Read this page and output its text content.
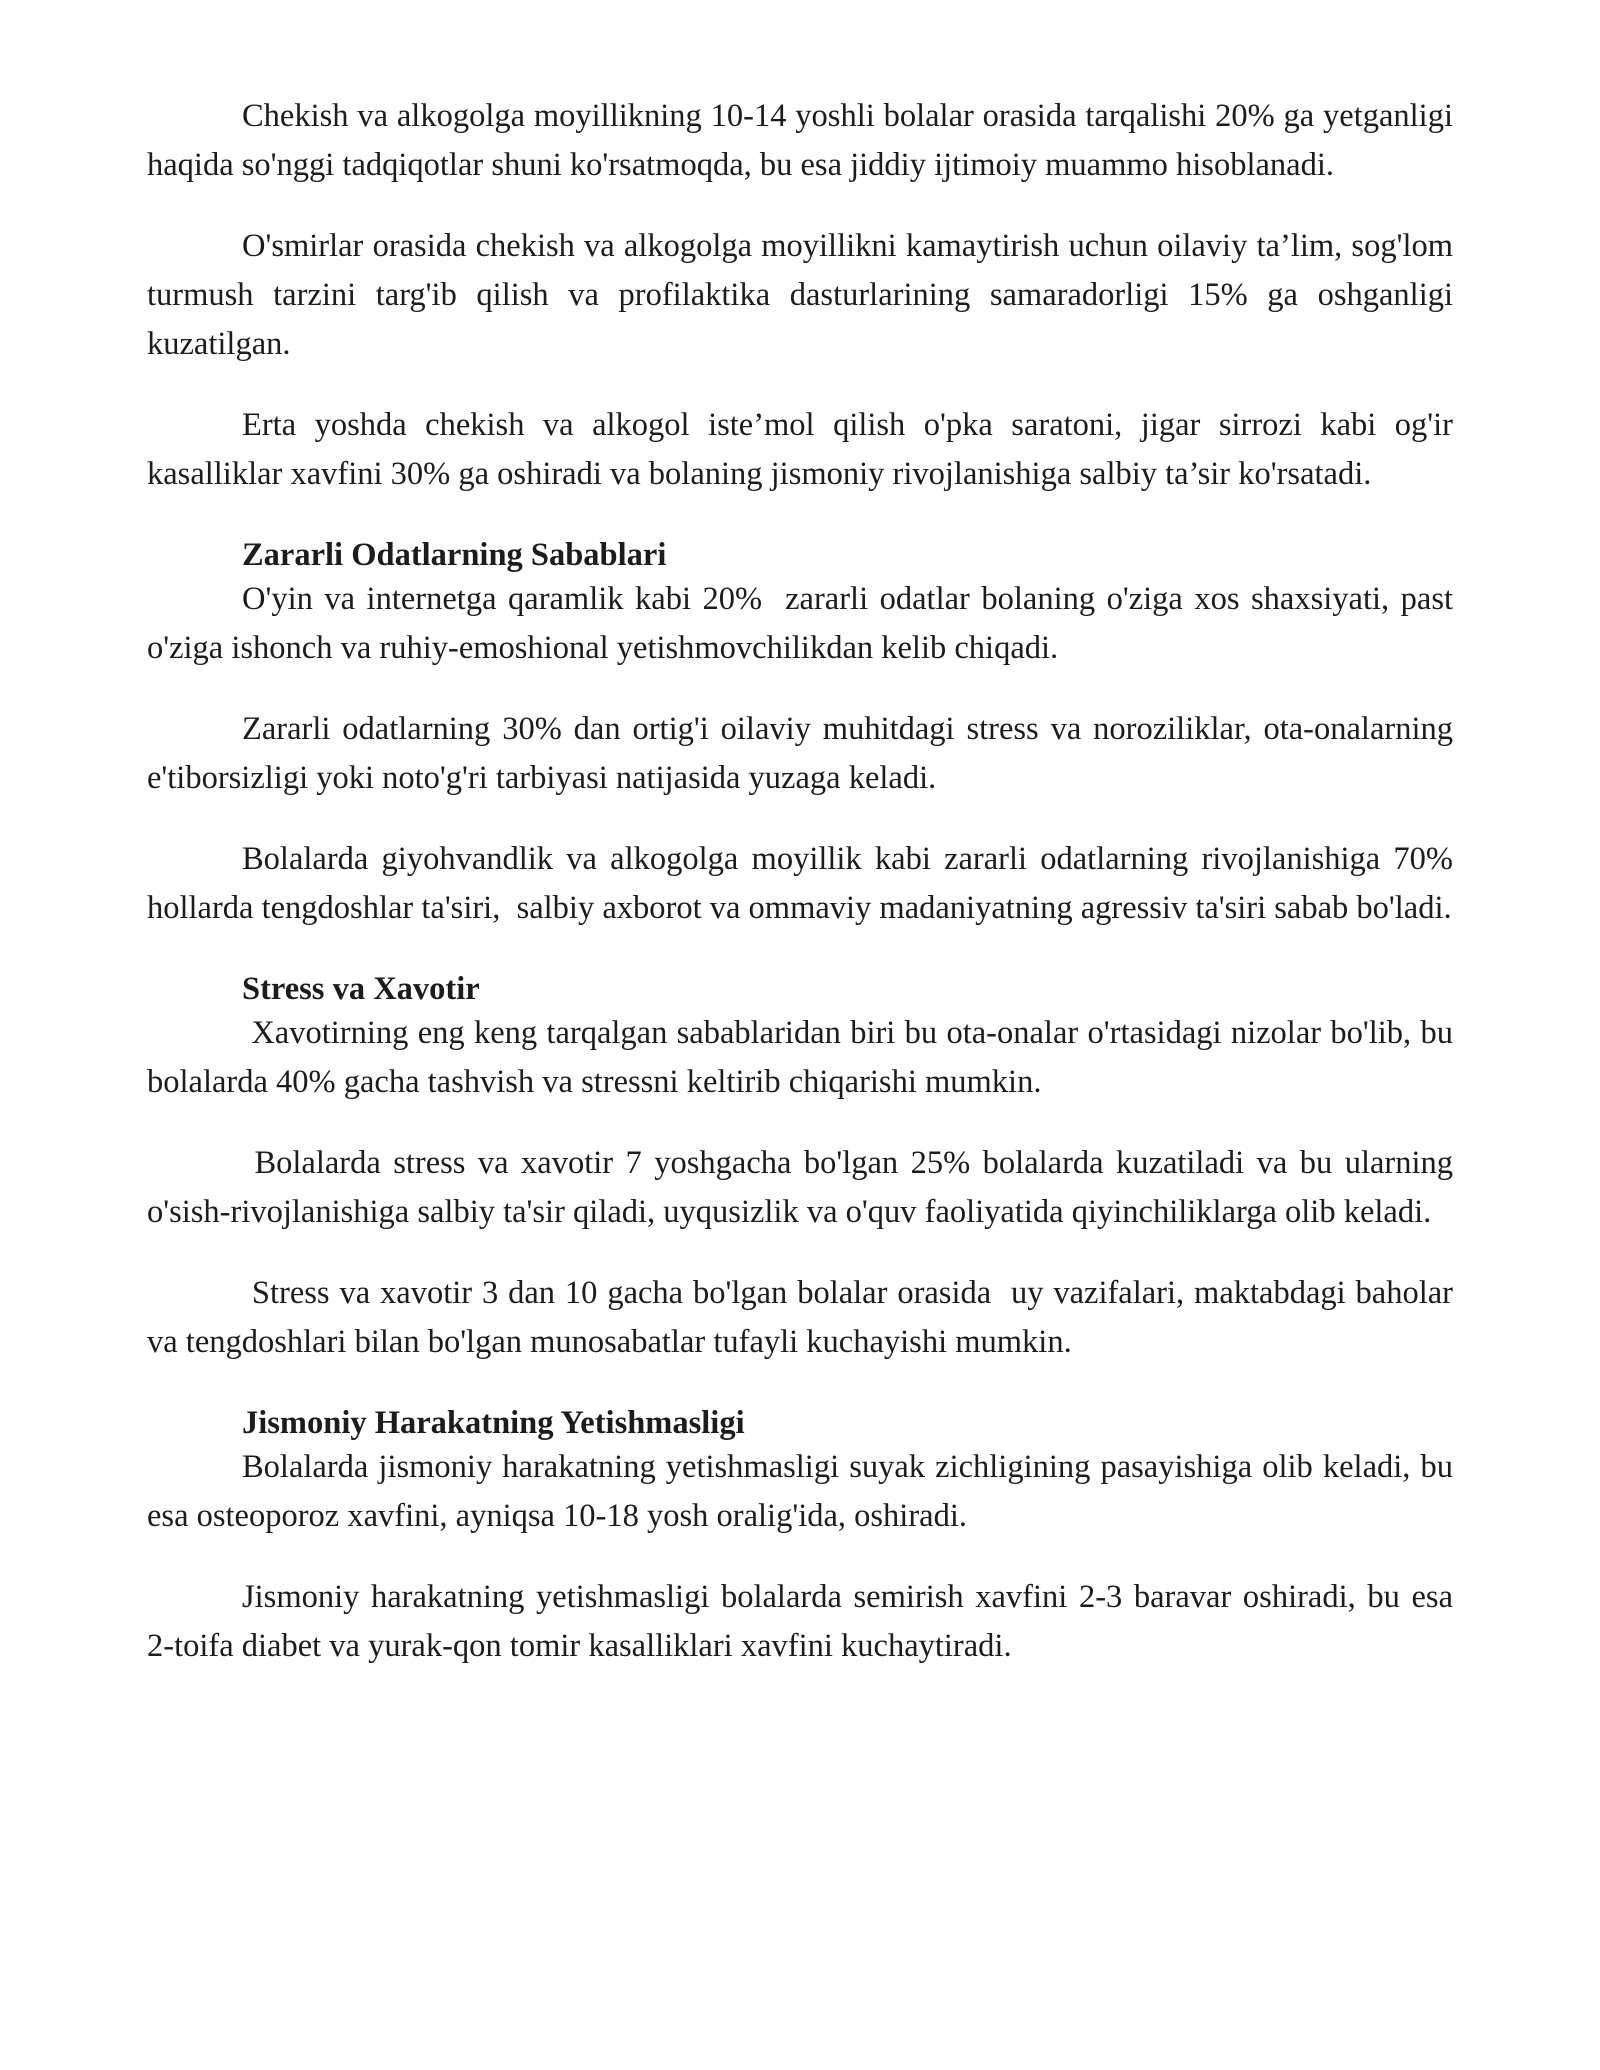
Chekish va alkogolga moyillikning 10-14 yoshli bolalar orasida tarqalishi 20% ga yetganligi haqida so'nggi tadqiqotlar shuni ko'rsatmoqda, bu esa jiddiy ijtimoiy muammo hisoblanadi.

O'smirlar orasida chekish va alkogolga moyillikni kamaytirish uchun oilaviy ta’lim, sog'lom turmush tarzini targ'ib qilish va profilaktika dasturlarining samaradorligi 15% ga oshganligi kuzatilgan.

Erta yoshda chekish va alkogol iste’mol qilish o'pka saratoni, jigar sirrozi kabi og'ir kasalliklar xavfini 30% ga oshiradi va bolaning jismoniy rivojlanishiga salbiy ta’sir ko'rsatadi.

Zararli Odatlarning Sabablari

O'yin va internetga qaramlik kabi 20%  zararli odatlar bolaning o'ziga xos shaxsiyati, past o'ziga ishonch va ruhiy-emoshional yetishmovchilikdan kelib chiqadi.

Zararli odatlarning 30% dan ortig'i oilaviy muhitdagi stress va noroziliklar, ota-onalarning e'tiborsizligi yoki noto'g'ri tarbiyasi natijasida yuzaga keladi.

Bolalarda giyohvandlik va alkogolga moyillik kabi zararli odatlarning rivojlanishiga 70% hollarda tengdoshlar ta'siri,  salbiy axborot va ommaviy madaniyatning agressiv ta'siri sabab bo'ladi.

Stress va Xavotir

Xavotirning eng keng tarqalgan sabablaridan biri bu ota-onalar o'rtasidagi nizolar bo'lib, bu bolalarda 40% gacha tashvish va stressni keltirib chiqarishi mumkin.

Bolalarda stress va xavotir 7 yoshgacha bo'lgan 25% bolalarda kuzatiladi va bu ularning o'sish-rivojlanishiga salbiy ta'sir qiladi, uyqusizlik va o'quv faoliyatida qiyinchiliklarga olib keladi.

Stress va xavotir 3 dan 10 gacha bo'lgan bolalar orasida  uy vazifalari, maktabdagi baholar va tengdoshlari bilan bo'lgan munosabatlar tufayli kuchayishi mumkin.

Jismoniy Harakatning Yetishmasligi

Bolalarda jismoniy harakatning yetishmasligi suyak zichligining pasayishiga olib keladi, bu esa osteoporoz xavfini, ayniqsa 10-18 yosh oralig'ida, oshiradi.

Jismoniy harakatning yetishmasligi bolalarda semirish xavfini 2-3 baravar oshiradi, bu esa 2-toifa diabet va yurak-qon tomir kasalliklari xavfini kuchaytiradi.
